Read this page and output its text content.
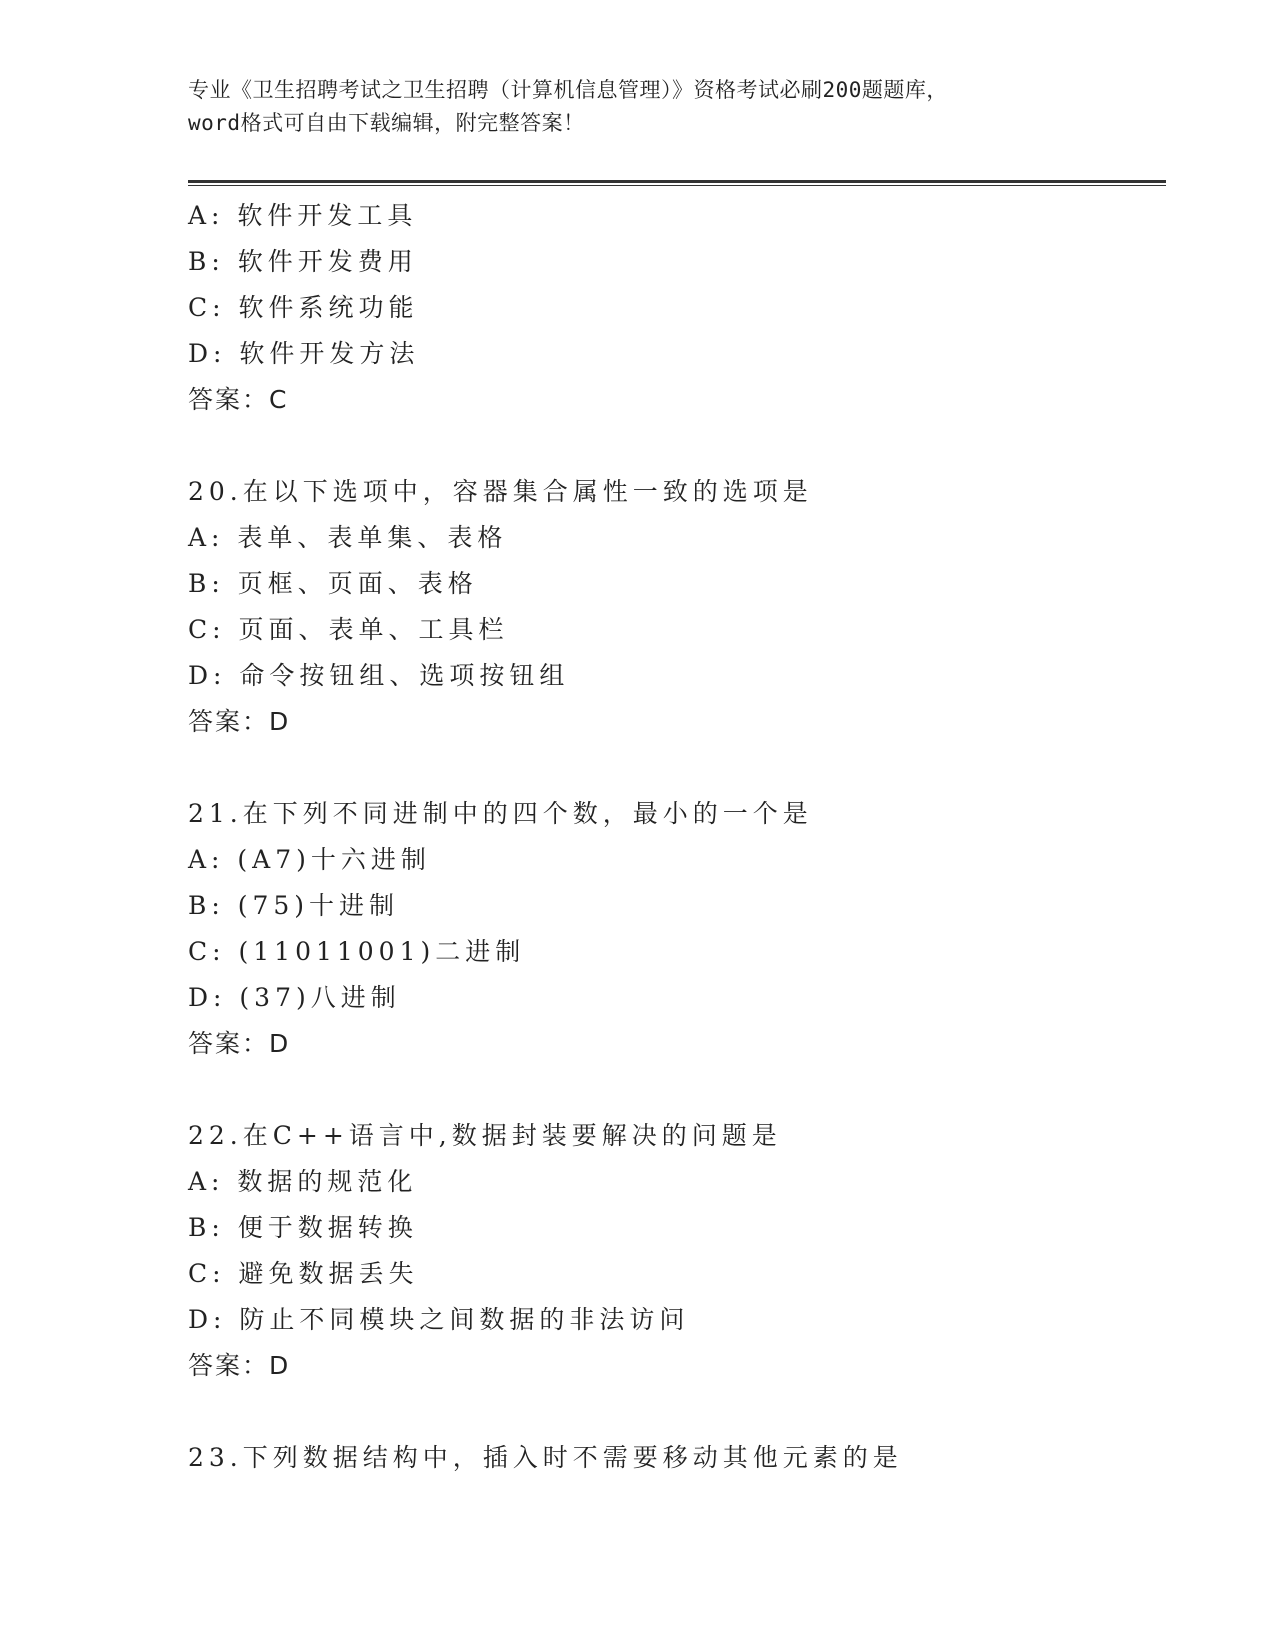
专业《卫生招聘考试之卫生招聘（计算机信息管理）》资格考试必刷200题题库，
word格式可自由下载编辑，附完整答案！
A: 软件开发工具
B: 软件开发费用
C: 软件系统功能
D: 软件开发方法
答案：C
20.在以下选项中，容器集合属性一致的选项是
A: 表单、表单集、表格
B: 页框、页面、表格
C: 页面、表单、工具栏
D: 命令按钮组、选项按钮组
答案：D
21.在下列不同进制中的四个数，最小的一个是
A: (A7)十六进制
B: (75)十进制
C: (11011001)二进制
D: (37)八进制
答案：D
22.在C++语言中,数据封装要解决的问题是
A: 数据的规范化
B: 便于数据转换
C: 避免数据丢失
D: 防止不同模块之间数据的非法访问
答案：D
23.下列数据结构中，插入时不需要移动其他元素的是
